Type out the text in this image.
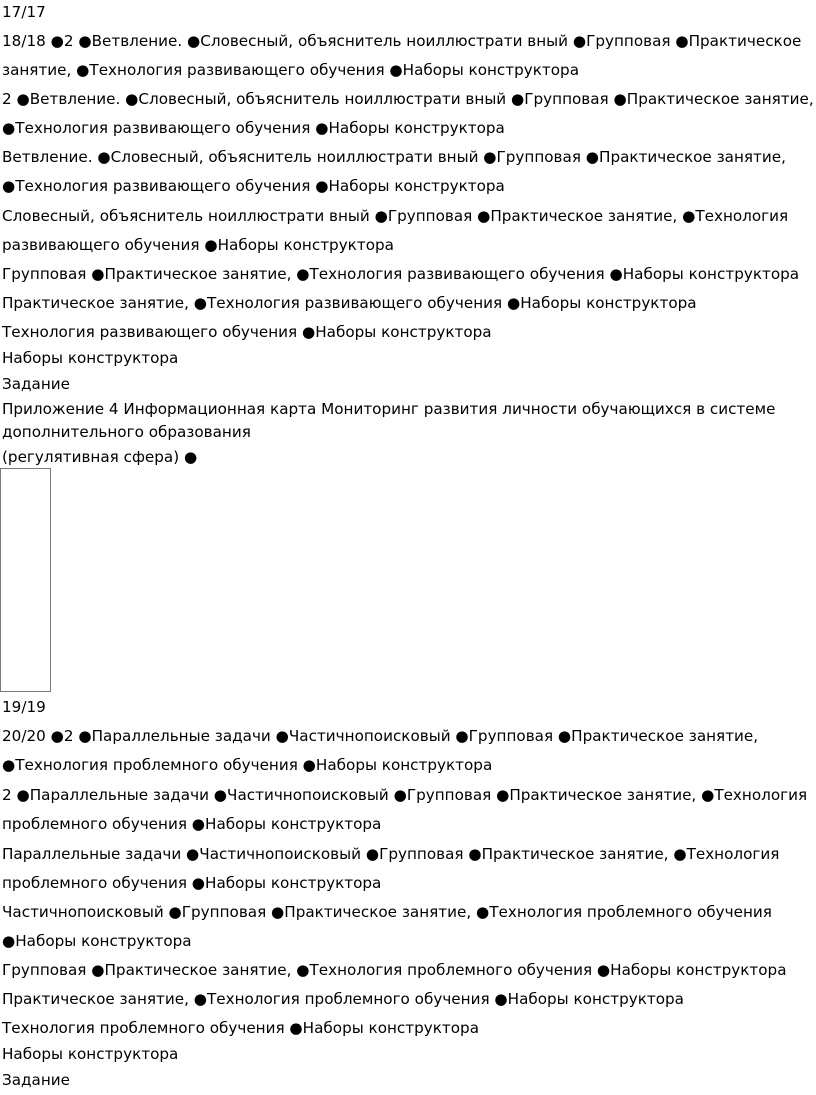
17/17
18/18 ●2 ●Ветвление. ●Словесный, объяснитель ноиллюстрати вный ●Групповая ●Практическое
занятие, ●Технология развивающего обучения ●Наборы конструктора
2 ●Ветвление. ●Словесный, объяснитель ноиллюстрати вный ●Групповая ●Практическое занятие,
●Технология развивающего обучения ●Наборы конструктора
Ветвление. ●Словесный, объяснитель ноиллюстрати вный ●Групповая ●Практическое занятие,
●Технология развивающего обучения ●Наборы конструктора
Словесный, объяснитель ноиллюстрати вный ●Групповая ●Практическое занятие, ●Технология
развивающего обучения ●Наборы конструктора
Групповая ●Практическое занятие, ●Технология развивающего обучения ●Наборы конструктора
Практическое занятие, ●Технология развивающего обучения ●Наборы конструктора
Технология развивающего обучения ●Наборы конструктора
Наборы конструктора
Задание
Приложение 4 Информационная карта Мониторинг развития личности обучающихся в системе
дополнительного образования
(регулятивная сфера) ●
19/19
20/20 ●2 ●Параллельные задачи ●Частичнопоисковый ●Групповая ●Практическое занятие,
●Технология проблемного обучения ●Наборы конструктора
2 ●Параллельные задачи ●Частичнопоисковый ●Групповая ●Практическое занятие, ●Технология
проблемного обучения ●Наборы конструктора
Параллельные задачи ●Частичнопоисковый ●Групповая ●Практическое занятие, ●Технология
проблемного обучения ●Наборы конструктора
Частичнопоисковый ●Групповая ●Практическое занятие, ●Технология проблемного обучения
●Наборы конструктора
Групповая ●Практическое занятие, ●Технология проблемного обучения ●Наборы конструктора
Практическое занятие, ●Технология проблемного обучения ●Наборы конструктора
Технология проблемного обучения ●Наборы конструктора
Наборы конструктора
Задание
